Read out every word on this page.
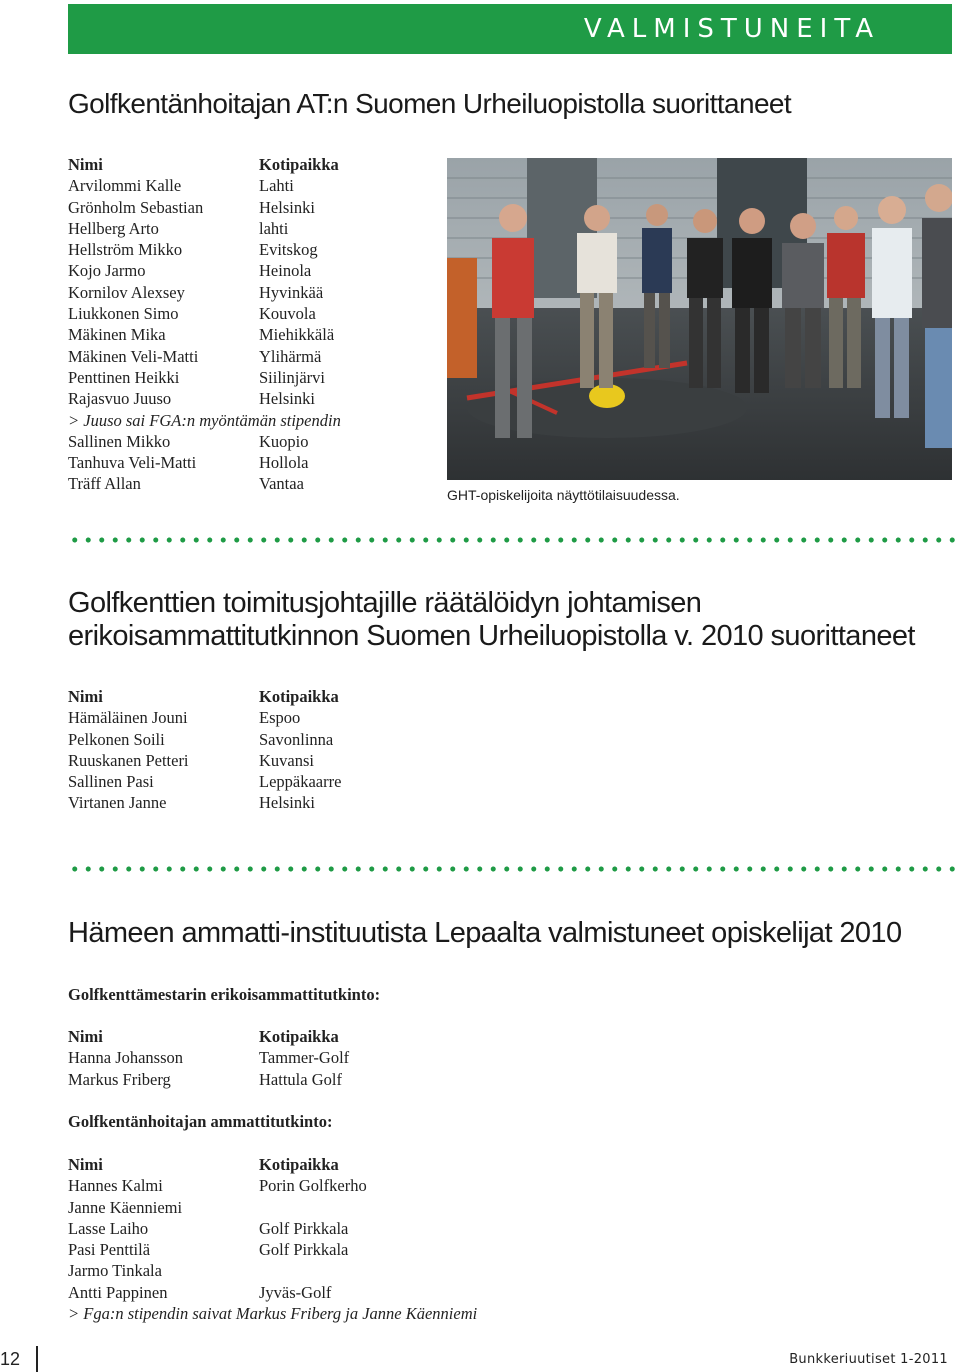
VALMISTUNEITA
Golfkentänhoitajan AT:n Suomen Urheiluopistolla suorittaneet
Nimi	Kotipaikka
Arvilommi Kalle	Lahti
Grönholm Sebastian	Helsinki
Hellberg Arto	lahti
Hellström Mikko	Evitskog
Kojo Jarmo	Heinola
Kornilov Alexsey	Hyvinkää
Liukkonen Simo	Kouvola
Mäkinen Mika	Miehikkälä
Mäkinen Veli-Matti	Ylihärmä
Penttinen Heikki	Siilinjärvi
Rajasvuo Juuso	Helsinki
> Juuso sai FGA:n myöntämän stipendin
Sallinen Mikko	Kuopio
Tanhuva Veli-Matti	Hollola
Träff Allan	Vantaa
GHT-opiskelijoita näyttötilaisuudessa.
Golfkenttien toimitusjohtajille räätälöidyn johtamisen
erikoisammattitutkinnon Suomen Urheiluopistolla v. 2010 suorittaneet
Nimi	Kotipaikka
Hämäläinen Jouni	Espoo
Pelkonen Soili	Savonlinna
Ruuskanen Petteri	Kuvansi
Sallinen Pasi	Leppäkaarre
Virtanen Janne	Helsinki
Hämeen ammatti-instituutista Lepaalta valmistuneet opiskelijat 2010
Golfkenttämestarin erikoisammattitutkinto:
Nimi	Kotipaikka
Hanna Johansson	Tammer-Golf
Markus Friberg	Hattula Golf
Golfkentänhoitajan ammattitutkinto:
Nimi	Kotipaikka
Hannes Kalmi	Porin Golfkerho
Janne Käenniemi
Lasse Laiho	Golf Pirkkala
Pasi Penttilä	Golf Pirkkala
Jarmo Tinkala
Antti Pappinen	Jyväs-Golf
> Fga:n stipendin saivat Markus Friberg ja Janne Käenniemi
12	Bunkkeriuutiset 1-2011
